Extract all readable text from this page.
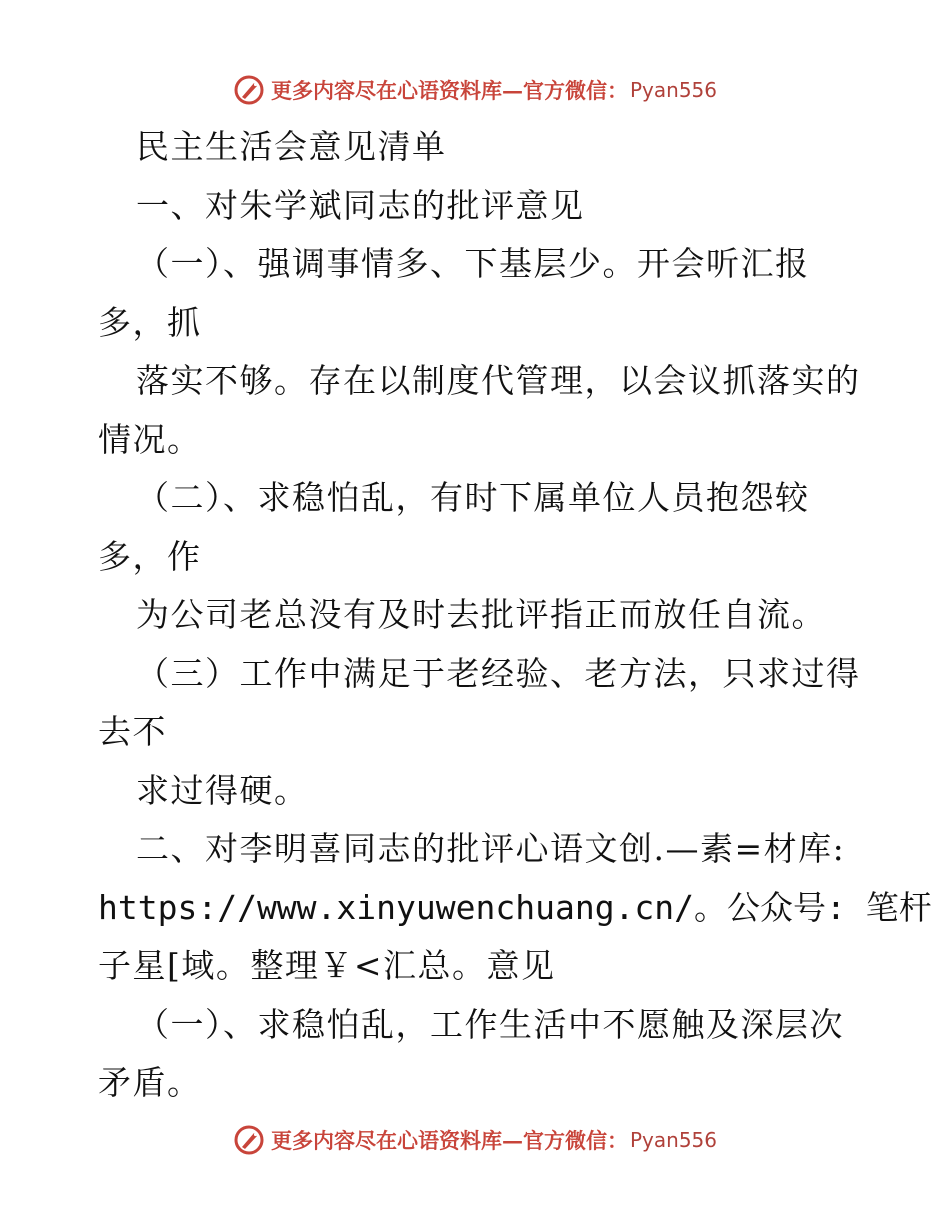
更多内容尽在心语资料库—官方微信： Pyan556
民主生活会意见清单
一、对朱学斌同志的批评意见
（一）、强调事情多、下基层少。开会听汇报
多，抓
落实不够。存在以制度代管理，以会议抓落实的
情况。
（二）、求稳怕乱，有时下属单位人员抱怨较
多，作
为公司老总没有及时去批评指正而放任自流。
（三）工作中满足于老经验、老方法，只求过得
去不
求过得硬。
二、对李明喜同志的批评心语文创.—素=材库:
https://www.xinyuwenchuang.cn/。公众号: 笔杆
子星[域。整理￥<汇总。意见
（一）、求稳怕乱，工作生活中不愿触及深层次
矛盾。
更多内容尽在心语资料库—官方微信： Pyan556
